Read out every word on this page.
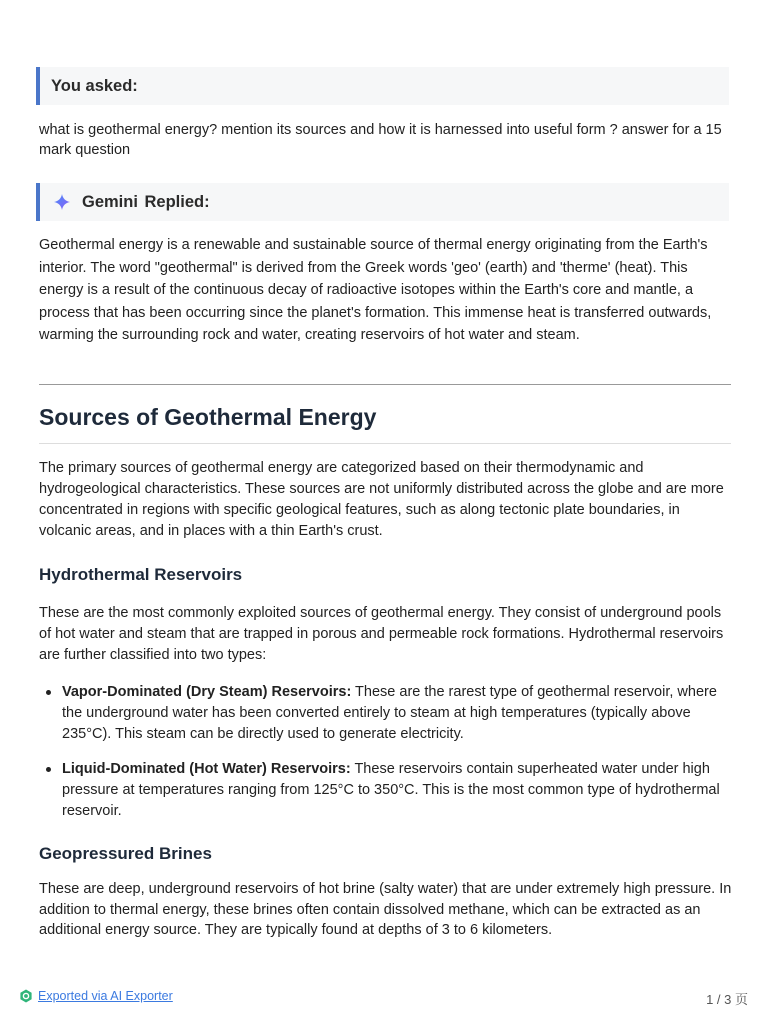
You asked:
what is geothermal energy? mention its sources and how it is harnessed into useful form ? answer for a 15 mark question
Gemini Replied:
Geothermal energy is a renewable and sustainable source of thermal energy originating from the Earth's interior. The word "geothermal" is derived from the Greek words 'geo' (earth) and 'therme' (heat). This energy is a result of the continuous decay of radioactive isotopes within the Earth's core and mantle, a process that has been occurring since the planet's formation. This immense heat is transferred outwards, warming the surrounding rock and water, creating reservoirs of hot water and steam.
Sources of Geothermal Energy
The primary sources of geothermal energy are categorized based on their thermodynamic and hydrogeological characteristics. These sources are not uniformly distributed across the globe and are more concentrated in regions with specific geological features, such as along tectonic plate boundaries, in volcanic areas, and in places with a thin Earth's crust.
Hydrothermal Reservoirs
These are the most commonly exploited sources of geothermal energy. They consist of underground pools of hot water and steam that are trapped in porous and permeable rock formations. Hydrothermal reservoirs are further classified into two types:
Vapor-Dominated (Dry Steam) Reservoirs: These are the rarest type of geothermal reservoir, where the underground water has been converted entirely to steam at high temperatures (typically above 235°C). This steam can be directly used to generate electricity.
Liquid-Dominated (Hot Water) Reservoirs: These reservoirs contain superheated water under high pressure at temperatures ranging from 125°C to 350°C. This is the most common type of hydrothermal reservoir.
Geopressured Brines
These are deep, underground reservoirs of hot brine (salty water) that are under extremely high pressure. In addition to thermal energy, these brines often contain dissolved methane, which can be extracted as an additional energy source. They are typically found at depths of 3 to 6 kilometers.
Exported via AI Exporter	1 / 3 页
